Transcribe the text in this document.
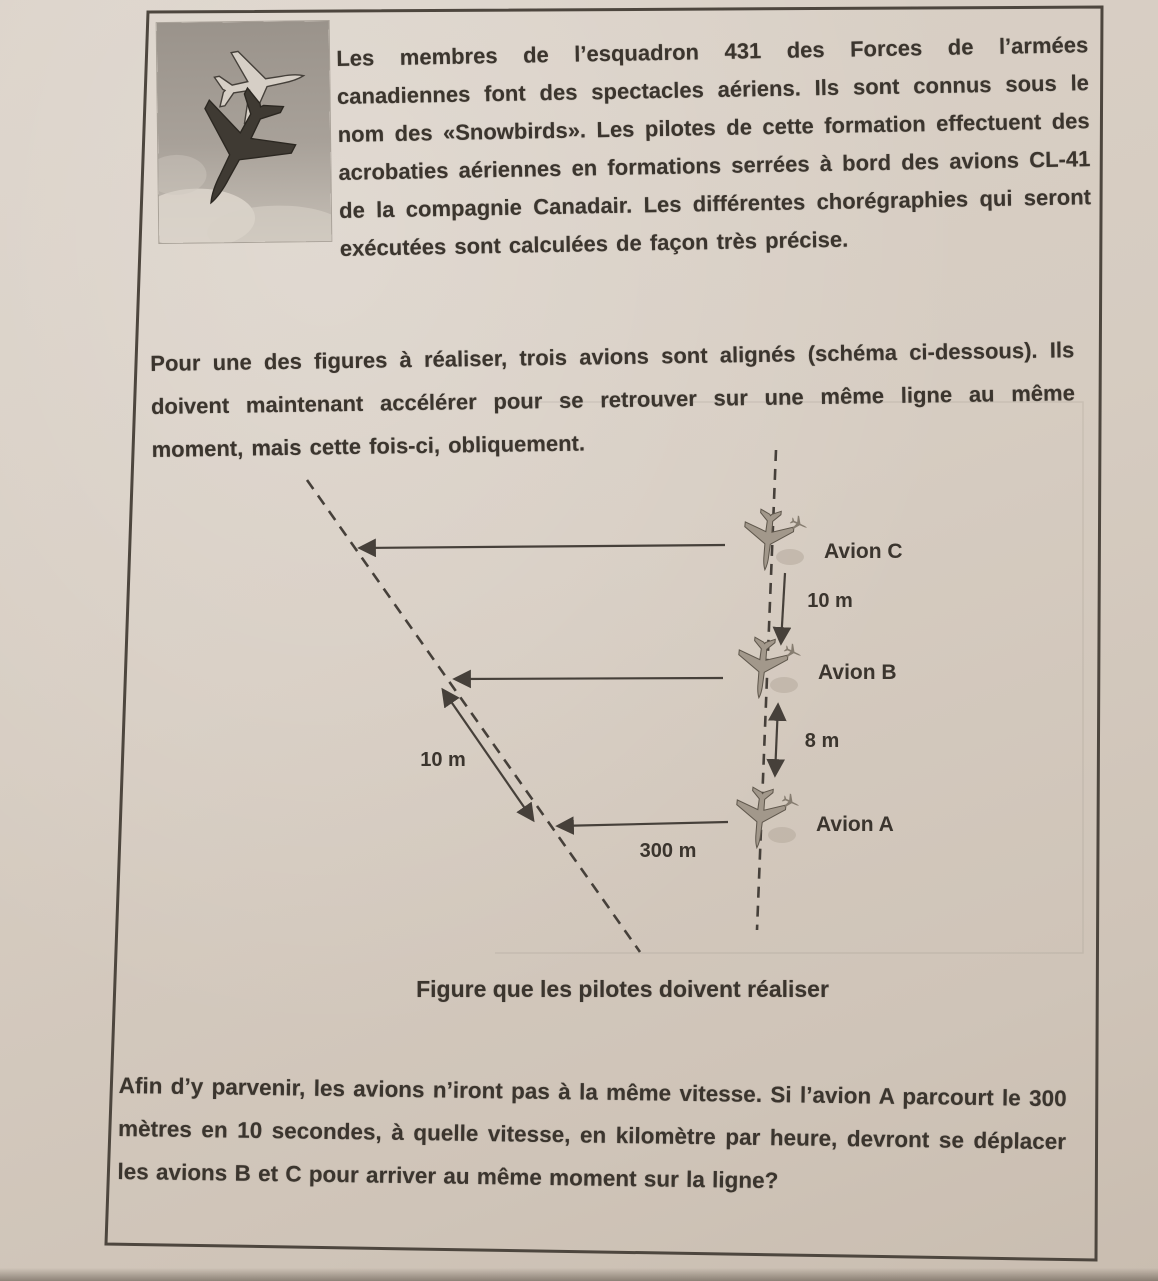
Les membres de l’esquadron 431 des Forces de l’armées canadiennes font des spectacles aériens. Ils sont connus sous le nom des «Snowbirds». Les pilotes de cette formation effectuent des acrobaties aériennes en formations serrées à bord des avions CL-41 de la compagnie Canadair. Les différentes chorégraphies qui seront exécutées sont calculées de façon très précise.

Pour une des figures à réaliser, trois avions sont alignés (schéma ci-dessous). Ils doivent maintenant accélérer pour se retrouver sur une même ligne au même moment, mais cette fois-ci, obliquement.

Avion C
Avion B
Avion A
10 m
8 m
10 m
300 m
Figure que les pilotes doivent réaliser

Afin d’y parvenir, les avions n’iront pas à la même vitesse. Si l’avion A parcourt le 300 mètres en 10 secondes, à quelle vitesse, en kilomètre par heure, devront se déplacer les avions B et C pour arriver au même moment sur la ligne?
